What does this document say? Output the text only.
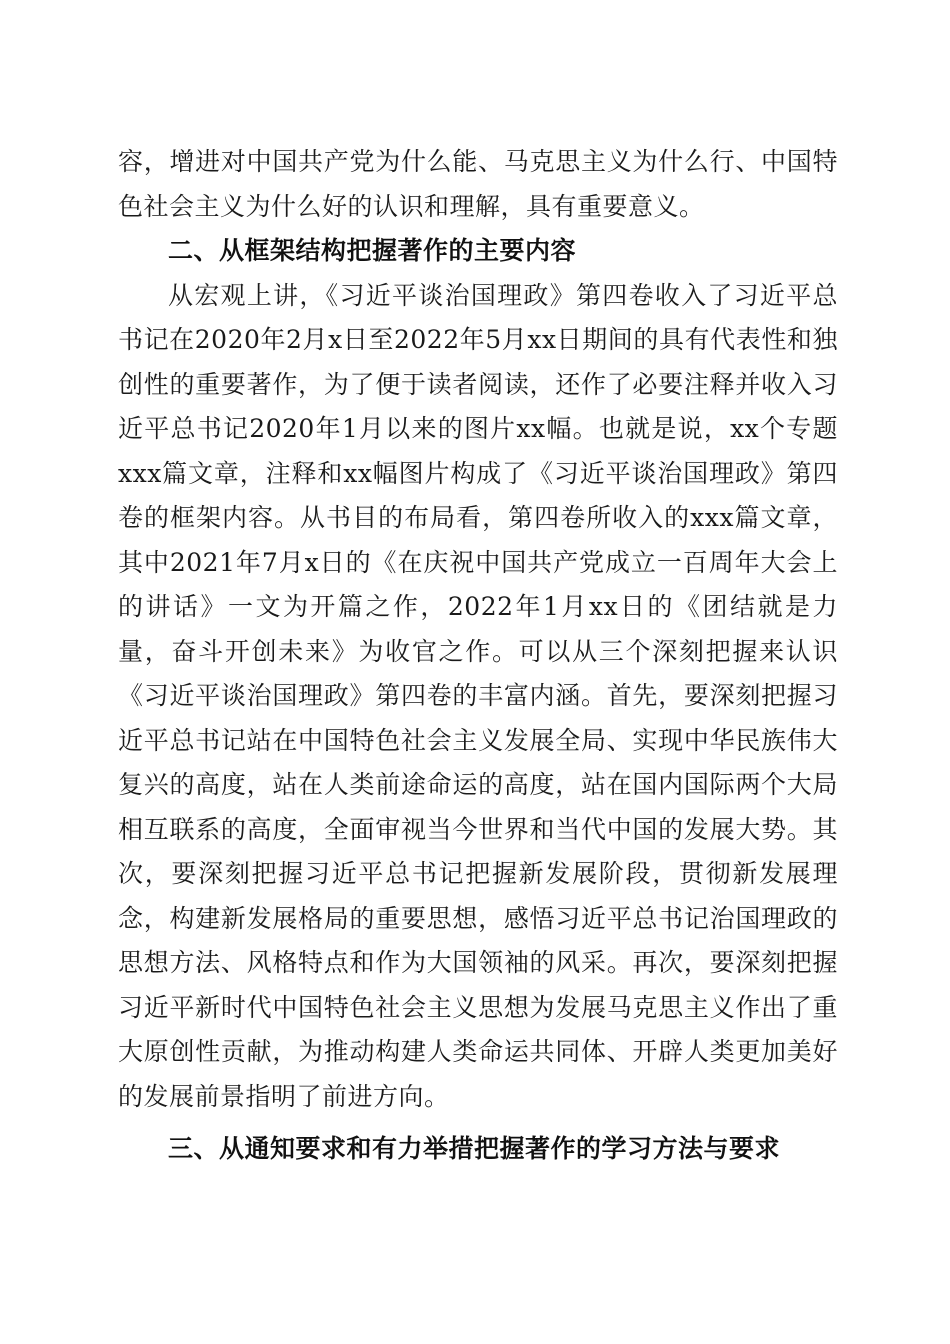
容，增进对中国共产党为什么能、马克思主义为什么行、中国特色社会主义为什么好的认识和理解，具有重要意义。

二、从框架结构把握著作的主要内容

从宏观上讲，《习近平谈治国理政》第四卷收入了习近平总书记在2020年2月x日至2022年5月xx日期间的具有代表性和独创性的重要著作，为了便于读者阅读，还作了必要注释并收入习近平总书记2020年1月以来的图片xx幅。也就是说，xx个专题xxx篇文章，注释和xx幅图片构成了《习近平谈治国理政》第四卷的框架内容。从书目的布局看，第四卷所收入的xxx篇文章，其中2021年7月x日的《在庆祝中国共产党成立一百周年大会上的讲话》一文为开篇之作，2022年1月xx日的《团结就是力量，奋斗开创未来》为收官之作。可以从三个深刻把握来认识《习近平谈治国理政》第四卷的丰富内涵。首先，要深刻把握习近平总书记站在中国特色社会主义发展全局、实现中华民族伟大复兴的高度，站在人类前途命运的高度，站在国内国际两个大局相互联系的高度，全面审视当今世界和当代中国的发展大势。其次，要深刻把握习近平总书记把握新发展阶段，贯彻新发展理念，构建新发展格局的重要思想，感悟习近平总书记治国理政的思想方法、风格特点和作为大国领袖的风采。再次，要深刻把握习近平新时代中国特色社会主义思想为发展马克思主义作出了重大原创性贡献，为推动构建人类命运共同体、开辟人类更加美好的发展前景指明了前进方向。

三、从通知要求和有力举措把握著作的学习方法与要求
